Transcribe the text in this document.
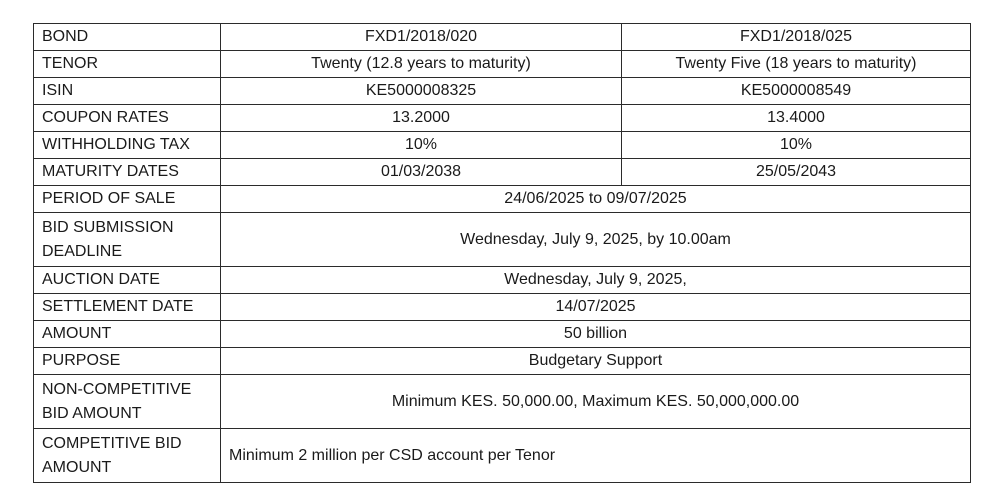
BOND	FXD1/2018/020	FXD1/2018/025
TENOR	Twenty (12.8 years to maturity)	Twenty Five (18 years to maturity)
ISIN	KE5000008325	KE5000008549
COUPON RATES	13.2000	13.4000
WITHHOLDING TAX	10%	10%
MATURITY DATES	01/03/2038	25/05/2043
PERIOD OF SALE	24/06/2025 to 09/07/2025	

BID SUBMISSION
DEADLINE	Wednesday, July 9, 2025, by 10.00am	
AUCTION DATE	Wednesday, July 9, 2025,	
SETTLEMENT DATE	14/07/2025	
AMOUNT	50 billion	
PURPOSE	Budgetary Support	

NON-COMPETITIVE
BID AMOUNT	Minimum KES. 50,000.00, Maximum KES. 50,000,000.00	

COMPETITIVE BID
AMOUNT	Minimum 2 million per CSD account per Tenor	
